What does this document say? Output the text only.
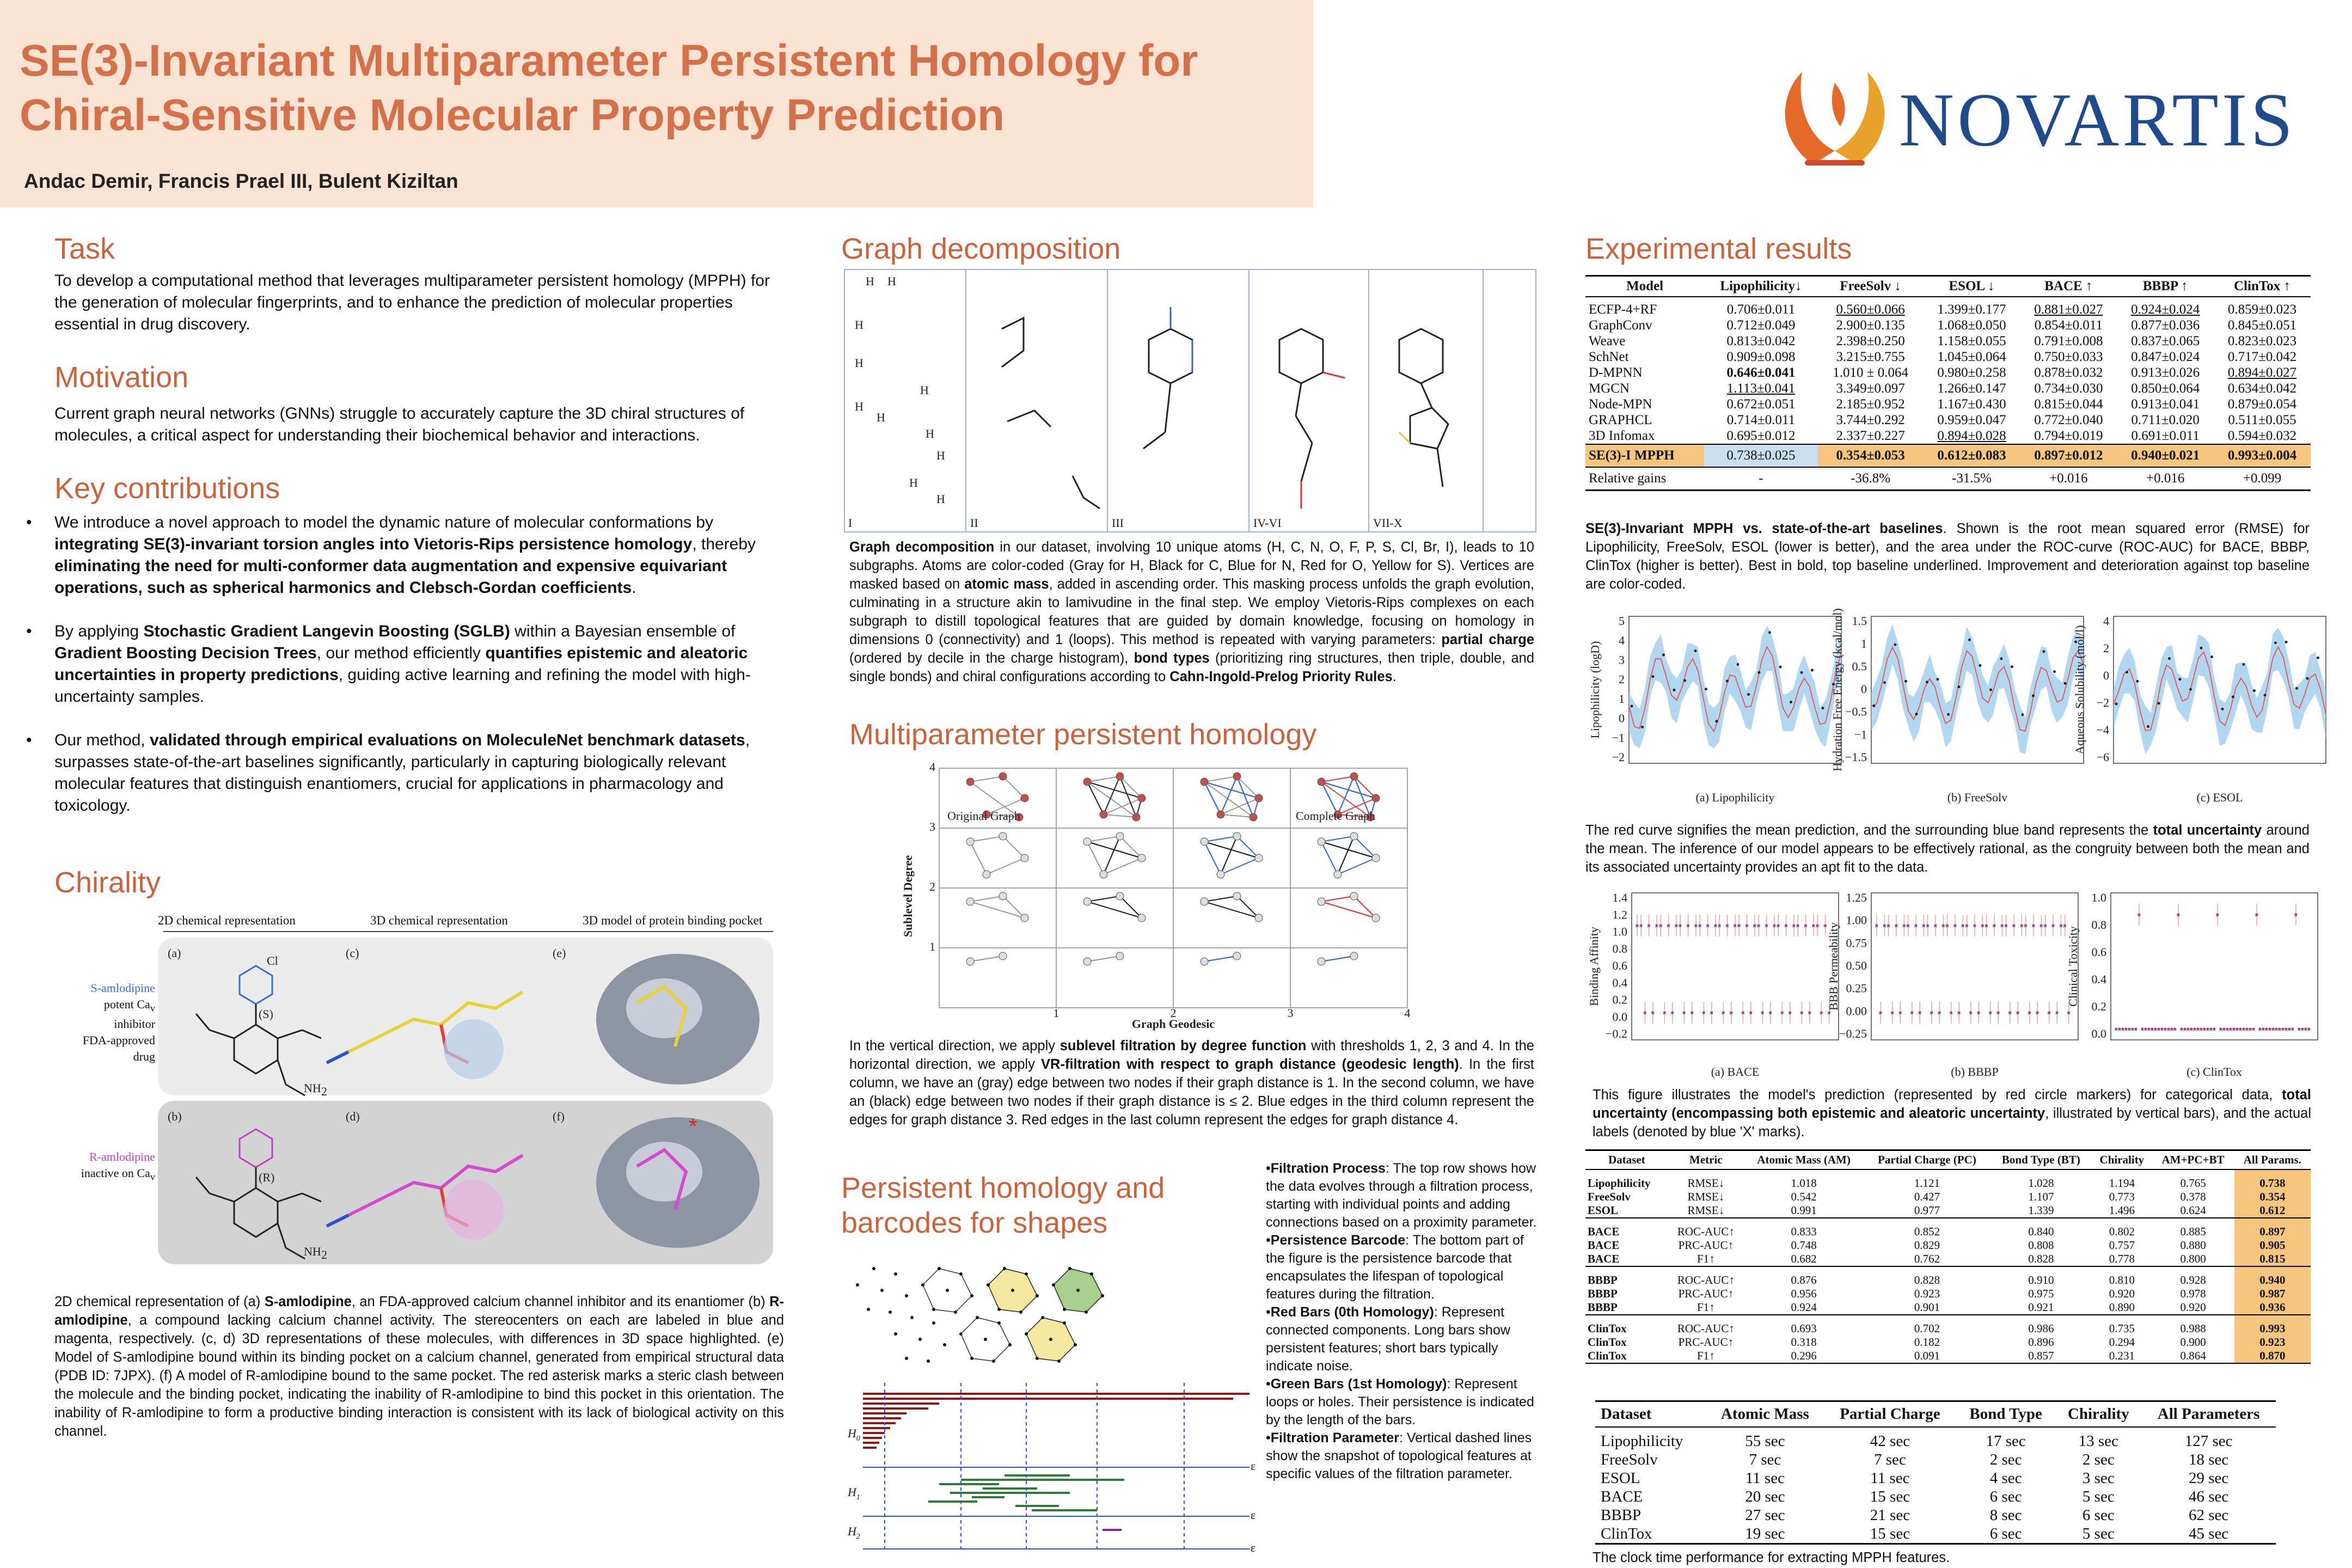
SE(3)-Invariant Multiparameter Persistent Homology for
Chiral-Sensitive Molecular Property Prediction
Andac Demir, Francis Prael III, Bulent Kiziltan
NOVARTIS
Task
To develop a computational method that leverages multiparameter persistent homology (MPPH) for the generation of molecular fingerprints, and to enhance the prediction of molecular properties essential in drug discovery.
Motivation
Current graph neural networks (GNNs) struggle to accurately capture the 3D chiral structures of molecules, a critical aspect for understanding their biochemical behavior and interactions.
Key contributions
• We introduce a novel approach to model the dynamic nature of molecular conformations by integrating SE(3)-invariant torsion angles into Vietoris-Rips persistence homology, thereby eliminating the need for multi-conformer data augmentation and expensive equivariant operations, such as spherical harmonics and Clebsch-Gordan coefficients.
• By applying Stochastic Gradient Langevin Boosting (SGLB) within a Bayesian ensemble of Gradient Boosting Decision Trees, our method efficiently quantifies epistemic and aleatoric uncertainties in property predictions, guiding active learning and refining the model with high-uncertainty samples.
• Our method, validated through empirical evaluations on MoleculeNet benchmark datasets, surpasses state-of-the-art baselines significantly, particularly in capturing biologically relevant molecular features that distinguish enantiomers, crucial for applications in pharmacology and toxicology.
Chirality
2D chemical representation	3D chemical representation	3D model of protein binding pocket
*
(a)
(b)
(c)
(d)
(e)
(f)
Cl
(S)
(R)
NH 2
NH 2
S-amlodipine
potent $Ca_v$ inhibitor
FDA-approved drug
R-amlodipine
inactive on $Ca_v$
2D chemical representation of (a) S-amlodipine, an FDA-approved calcium channel inhibitor and its enantiomer (b) R-amlodipine, a compound lacking calcium channel activity. The stereocenters on each are labeled in blue and magenta, respectively. (c, d) 3D representations of these molecules, with differences in 3D space highlighted. (e) Model of S-amlodipine bound within its binding pocket on a calcium channel, generated from empirical structural data (PDB ID: 7JPX). (f) A model of R-amlodipine bound to the same pocket. The red asterisk marks a steric clash between the molecule and the binding pocket, indicating the inability of R-amlodipine to bind this pocket in this orientation. The inability of R-amlodipine to form a productive binding interaction is consistent with its lack of biological activity on this channel.
Graph decomposition
H H
H
H
H
H
H
H
H
H
H
I	II	III	IV-VI	VII-X
Graph decomposition in our dataset, involving 10 unique atoms (H, C, N, O, F, P, S, Cl, Br, I), leads to 10 subgraphs. Atoms are color-coded (Gray for H, Black for C, Blue for N, Red for O, Yellow for S). Vertices are masked based on atomic mass, added in ascending order. This masking process unfolds the graph evolution, culminating in a structure akin to lamivudine in the final step. We employ Vietoris-Rips complexes on each subgraph to distill topological features that are guided by domain knowledge, focusing on homology in dimensions 0 (connectivity) and 1 (loops). This method is repeated with varying parameters: partial charge (ordered by decile in the charge histogram), bond types (prioritizing ring structures, then triple, double, and single bonds) and chiral configurations according to Cahn-Ingold-Prelog Priority Rules.
Multiparameter persistent homology
Sublevel Degree
Graph Geodesic
1	2	3	4
1
2
3
4
Original Graph	Complete Graph
In the vertical direction, we apply sublevel filtration by degree function with thresholds 1, 2, 3 and 4. In the horizontal direction, we apply VR-filtration with respect to graph distance (geodesic length). In the first column, we have an (gray) edge between two nodes if their graph distance is 1. In the second column, we have an (black) edge between two nodes if their graph distance is ≤ 2. Blue edges in the third column represent the edges for graph distance 3. Red edges in the last column represent the edges for graph distance 4.
Persistent homology and
barcodes for shapes
$H_0$
$H_1$
$H_2$
ε
ε
ε
•Filtration Process: The top row shows how the data evolves through a filtration process, starting with individual points and adding connections based on a proximity parameter.
•Persistence Barcode: The bottom part of the figure is the persistence barcode that encapsulates the lifespan of topological features during the filtration.
•Red Bars (0th Homology): Represent connected components. Long bars show persistent features; short bars typically indicate noise.
•Green Bars (1st Homology): Represent loops or holes. Their persistence is indicated by the length of the bars.
•Filtration Parameter: Vertical dashed lines show the snapshot of topological features at specific values of the filtration parameter.
Experimental results
Model	Lipophilicity↓	FreeSolv ↓	ESOL ↓	BACE ↑	BBBP ↑	ClinTox ↑
ECFP-4+RF	0.706±0.011	0.560±0.066	1.399±0.177	0.881±0.027	0.924±0.024	0.859±0.023
GraphConv	0.712±0.049	2.900±0.135	1.068±0.050	0.854±0.011	0.877±0.036	0.845±0.051
Weave	0.813±0.042	2.398±0.250	1.158±0.055	0.791±0.008	0.837±0.065	0.823±0.023
SchNet	0.909±0.098	3.215±0.755	1.045±0.064	0.750±0.033	0.847±0.024	0.717±0.042
D-MPNN	0.646±0.041	1.010 ± 0.064	0.980±0.258	0.878±0.032	0.913±0.026	0.894±0.027
MGCN	1.113±0.041	3.349±0.097	1.266±0.147	0.734±0.030	0.850±0.064	0.634±0.042
Node-MPN	0.672±0.051	2.185±0.952	1.167±0.430	0.815±0.044	0.913±0.041	0.879±0.054
GRAPHCL	0.714±0.011	3.744±0.292	0.959±0.047	0.772±0.040	0.711±0.020	0.511±0.055
3D Infomax	0.695±0.012	2.337±0.227	0.894±0.028	0.794±0.019	0.691±0.011	0.594±0.032
SE(3)-I MPPH	0.738±0.025	0.354±0.053	0.612±0.083	0.897±0.012	0.940±0.021	0.993±0.004
Relative gains	-	-36.8%	-31.5%	+0.016	+0.016	+0.099
SE(3)-Invariant MPPH vs. state-of-the-art baselines. Shown is the root mean squared error (RMSE) for Lipophilicity, FreeSolv, ESOL (lower is better), and the area under the ROC-curve (ROC-AUC) for BACE, BBBP, ClinTox (higher is better). Best in bold, top baseline underlined. Improvement and deterioration against top baseline are color-coded.
5
4
3
2
1
0
−1
−2
Lipophilicity (logD)
(a) Lipophilicity
1.5
1
0.5
0
−0.5
−1
−1.5
Hydration Free Energy (kcal/mol)
(b) FreeSolv
4
2
0
−2
−4
−6
Aqueous Solubility (mol/l)
(c) ESOL
The red curve signifies the mean prediction, and the surrounding blue band represents the total uncertainty around the mean. The inference of our model appears to be effectively rational, as the congruity between both the mean and its associated uncertainty provides an apt fit to the data.
× ×
×
×
×
× ×
×
×
×
× ×
×
×
×
× ×
×
×
×
× ×
×
×
×
× ×
×
×
×
× ×
×
×
×
× ×
×
×
×
× ×
×
×
×
× ×
×
×
×
1.4
1.2
1.0
0.8
0.6
0.4
0.2
0.0
−0.2
Binding Affinity
(a) BACE
×
×
× ×
×
×
×
× ×
×
×
×
× ×
×
×
×
× ×
×
×
×
× ×
×
×
×
× ×
×
×
×
× ×
×
×
×
× ×
×
×
×
× ×
×
×
×
× ×
×
1.25
1.00
0.75
0.50
0.25
0.00
−0.25
BBB Permeability
(b) BBBP
×
×
×
×
×
×
×
×
×
×
×
×
×
×
×
×
×
×
×
×
×
×
×
×
×
×
×
×
×
×
×
×
×
×
×
×
×
×
×
×
×
×
×
×
×
×
×
×
×
×
×
×
×
×
×
×
×
×
×
×
1.0
0.8
0.6
0.4
0.2
0.0
Clinical Toxicity
(c) ClinTox
This figure illustrates the model's prediction (represented by red circle markers) for categorical data, total uncertainty (encompassing both epistemic and aleatoric uncertainty, illustrated by vertical bars), and the actual labels (denoted by blue 'X' marks).
Dataset	Metric	Atomic Mass (AM)	Partial Charge (PC)	Bond Type (BT)	Chirality	AM+PC+BT	All Params.
Lipophilicity	RMSE↓	1.018	1.121	1.028	1.194	0.765	0.738
FreeSolv	RMSE↓	0.542	0.427	1.107	0.773	0.378	0.354
ESOL	RMSE↓	0.991	0.977	1.339	1.496	0.624	0.612
BACE	ROC-AUC↑	0.833	0.852	0.840	0.802	0.885	0.897
BACE	PRC-AUC↑	0.748	0.829	0.808	0.757	0.880	0.905
BACE	F1↑	0.682	0.762	0.828	0.778	0.800	0.815
BBBP	ROC-AUC↑	0.876	0.828	0.910	0.810	0.928	0.940
BBBP	PRC-AUC↑	0.956	0.923	0.975	0.920	0.978	0.987
BBBP	F1↑	0.924	0.901	0.921	0.890	0.920	0.936
ClinTox	ROC-AUC↑	0.693	0.702	0.986	0.735	0.988	0.993
ClinTox	PRC-AUC↑	0.318	0.182	0.896	0.294	0.900	0.923
ClinTox	F1↑	0.296	0.091	0.857	0.231	0.864	0.870
Dataset	Atomic Mass	Partial Charge	Bond Type	Chirality	All Parameters
Lipophilicity	55 sec	42 sec	17 sec	13 sec	127 sec
FreeSolv	7 sec	7 sec	2 sec	2 sec	18 sec
ESOL	11 sec	11 sec	4 sec	3 sec	29 sec
BACE	20 sec	15 sec	6 sec	5 sec	46 sec
BBBP	27 sec	21 sec	8 sec	6 sec	62 sec
ClinTox	19 sec	15 sec	6 sec	5 sec	45 sec
The clock time performance for extracting MPPH features.
